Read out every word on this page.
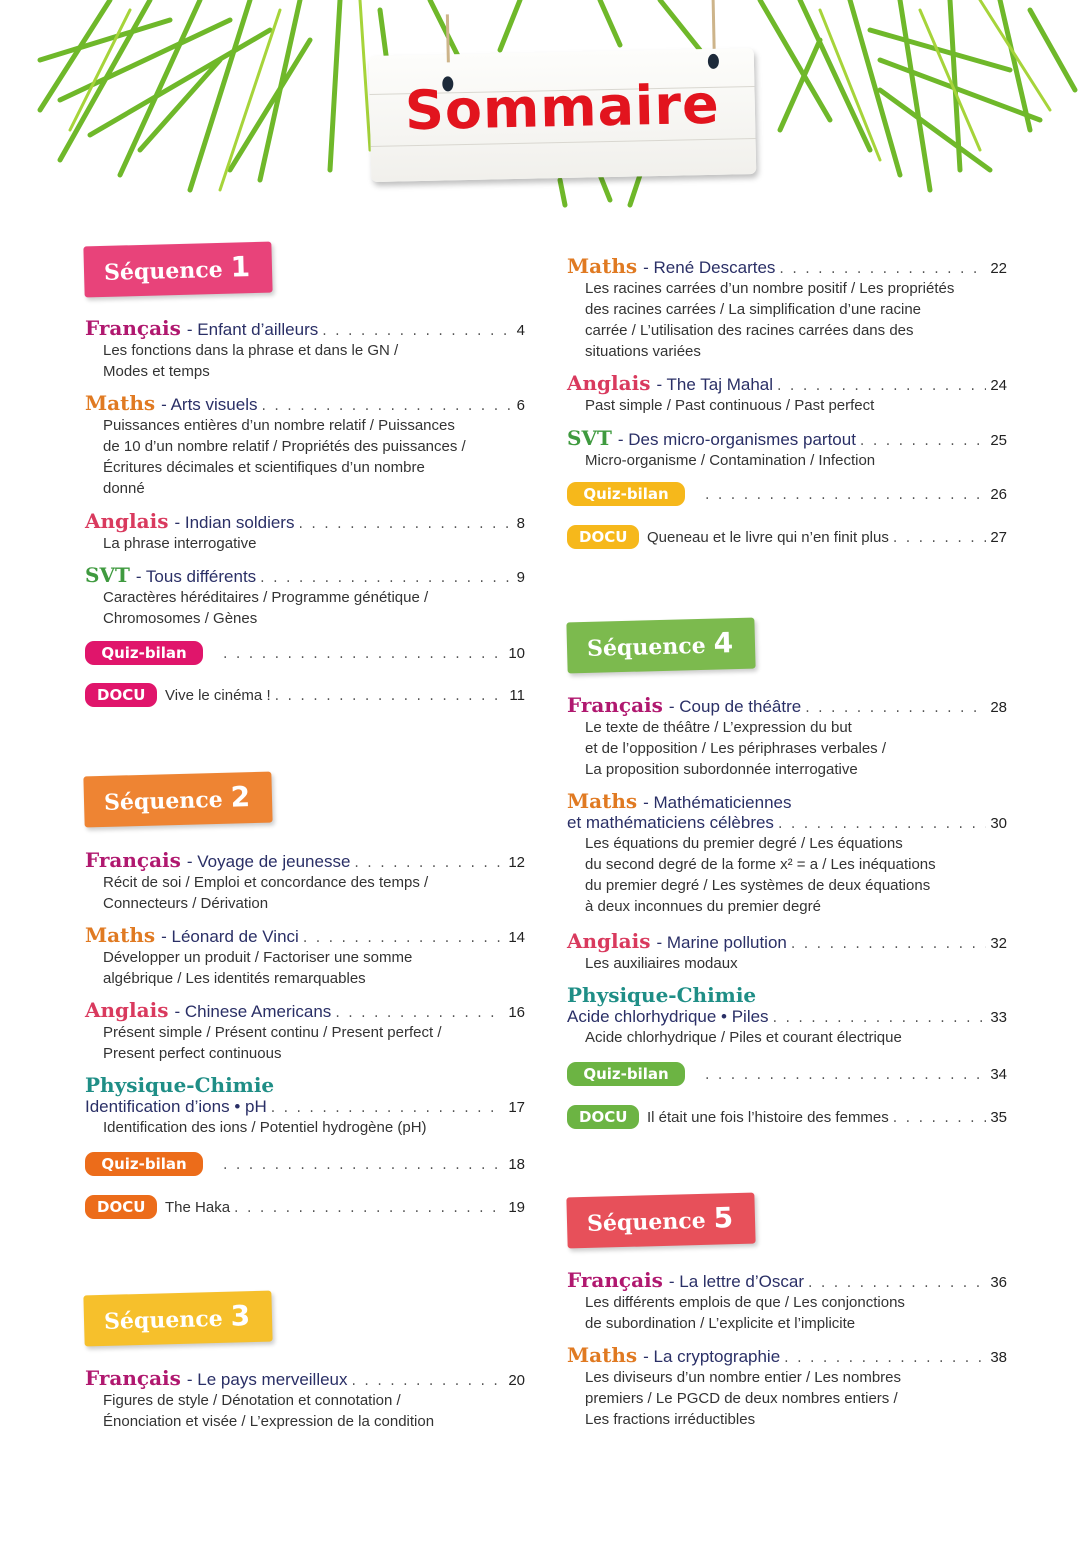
Sommaire
Séquence 1
Français - Enfant d’ailleurs . . .	4
Les fonctions dans la phrase et dans le GN /
Modes et temps
Maths - Arts visuels . . .	6
Puissances entières d’un nombre relatif / Puissances
de 10 d’un nombre relatif / Propriétés des puissances /
Écritures décimales et scientifiques d’un nombre
donné
Anglais - Indian soldiers . . .	8
La phrase interrogative
SVT - Tous différents . . .	9
Caractères héréditaires / Programme génétique /
Chromosomes / Gènes
Quiz-bilan . . .	10
DOCU	Vive le cinéma ! . . .	11
Séquence 2
Français - Voyage de jeunesse . . .	12
Récit de soi / Emploi et concordance des temps /
Connecteurs / Dérivation
Maths - Léonard de Vinci . . .	14
Développer un produit / Factoriser une somme
algébrique / Les identités remarquables
Anglais - Chinese Americans . . .	16
Présent simple / Présent continu / Present perfect /
Present perfect continuous
Physique-Chimie
Identification d’ions • pH . . .	17
Identification des ions / Potentiel hydrogène (pH)
Quiz-bilan . . .	18
DOCU	The Haka . . .	19
Séquence 3
Français - Le pays merveilleux . . .	20
Figures de style / Dénotation et connotation /
Énonciation et visée / L’expression de la condition
Maths - René Descartes . . .	22
Les racines carrées d’un nombre positif / Les propriétés
des racines carrées / La simplification d’une racine
carrée / L’utilisation des racines carrées dans des
situations variées
Anglais - The Taj Mahal . . .	24
Past simple / Past continuous / Past perfect
SVT - Des micro-organismes partout . . .	25
Micro-organisme / Contamination / Infection
Quiz-bilan . . .	26
DOCU	Queneau et le livre qui n’en finit plus . . .	27
Séquence 4
Français - Coup de théâtre . . .	28
Le texte de théâtre / L’expression du but
et de l’opposition / Les périphrases verbales /
La proposition subordonnée interrogative
Maths - Mathématiciennes
et mathématiciens célèbres . . .	30
Les équations du premier degré / Les équations
du second degré de la forme x² = a / Les inéquations
du premier degré / Les systèmes de deux équations
à deux inconnues du premier degré
Anglais - Marine pollution . . .	32
Les auxiliaires modaux
Physique-Chimie
Acide chlorhydrique • Piles . . .	33
Acide chlorhydrique / Piles et courant électrique
Quiz-bilan . . .	34
DOCU	Il était une fois l’histoire des femmes . . .	35
Séquence 5
Français - La lettre d’Oscar . . .	36
Les différents emplois de que / Les conjonctions
de subordination / L’explicite et l’implicite
Maths - La cryptographie . . .	38
Les diviseurs d’un nombre entier / Les nombres
premiers / Le PGCD de deux nombres entiers /
Les fractions irréductibles
